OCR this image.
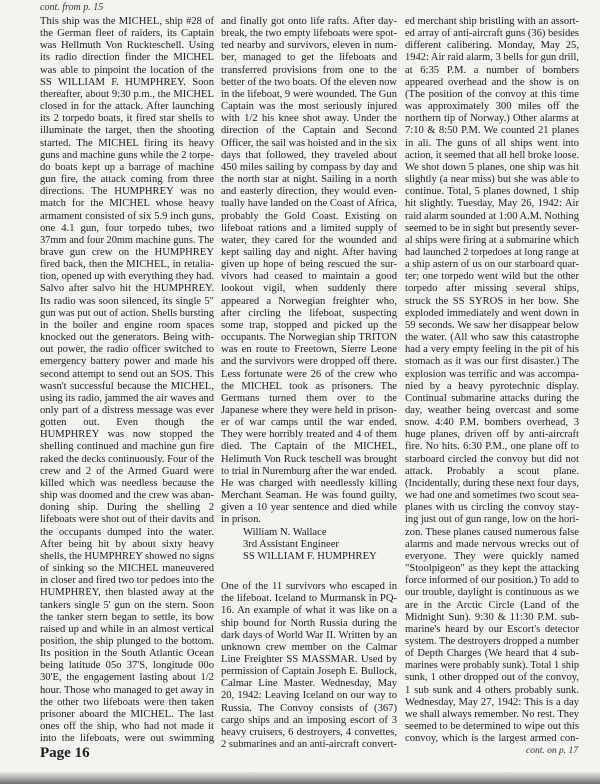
cont. from p. 15
This ship was the MICHEL, ship #28 of
the German fleet of raiders, its Captain
was Hellmuth Von Ruckteschell. Using
its radio direction finder the MICHEL
was able to pinpoint the location of the
SS WILLIAM F. HUMPHREY. Soon
thereafter, about 9:30 p.m., the MICHEL
closed in for the attack. After launching
its 2 torpedo boats, it fired star shells to
illuminate the target, then the shooting
started. The MICHEL firing its heavy
guns and machine guns while the 2 torpe-
do boats kept up a barrage of machine
gun fire, the attack coming from three
directions. The HUMPHREY was no
match for the MICHEL whose heavy
armament consisted of six 5.9 inch guns,
one 4.1 gun, four torpedo tubes, two
37mm and four 20mm machine guns. The
brave gun crew on the HUMPHREY
fired back, then the MICHEL, in retalia-
tion, opened up with everything they had.
Salvo after salvo hit the HUMPHREY.
Its radio was soon silenced, its single 5"
gun was put out of action. Shells bursting
in the boiler and engine room spaces
knocked out the generators. Being with-
out power, the radio officer switched to
emergency battery power and made his
second attempt to send out an SOS. This
wasn't successful because the MICHEL,
using its radio, jammed the air waves and
only part of a distress message was ever
gotten out. Even though the
HUMPHREY was now stopped the
shelling continued and machine gun fire
raked the decks continuously. Four of the
crew and 2 of the Armed Guard were
killed which was needless because the
ship was doomed and the crew was aban-
doning ship. During the shelling 2
lifeboats were shot out of their davits and
the occupants dumped into the water.
After being hit by about sixty heavy
shells, the HUMPHREY showed no signs
of sinking so the MICHEL maneuvered
in closer and fired two tor pedoes into the
HUMPHREY, then blasted away at the
tankers single 5' gun on the stern. Soon
the tanker stern began to settle, its bow
raised up and while in an almost vertical
position, the ship plunged to the bottom.
Its position in the South Atlantic Ocean
being latitude 05o 37'S, longitude 00o
30'E, the engagement lasting about 1/2
hour. Those who managed to get away in
the other two lifeboats were then taken
prisoner aboard the MICHEL. The last
ones off the ship, who had not made it
into the lifeboats, were out swimming
and finally got onto life rafts. After day-
break, the two empty lifeboats were spot-
ted nearby and survivors, eleven in num-
ber, managed to get the lifeboats and
transferred provisions from one to the
better of the two boats. Of the eleven now
in the lifeboat, 9 were wounded. The Gun
Captain was the most seriously injured
with 1/2 his knee shot away. Under the
direction of the Captain and Second
Officer, the sail was hoisted and in the six
days that followed, they traveled about
450 miles sailing by compass by day and
the north star at night. Sailing in a north
and easterly direction, they would even-
tually have landed on the Coast of Africa,
probably the Gold Coast. Existing on
lifeboat rations and a limited supply of
water, they cared for the wounded and
kept sailing day and night. After having
given up hope of being rescued the sur-
vivors had ceased to maintain a good
lookout vigil, when suddenly there
appeared a Norwegian freighter who,
after circling the lifeboat, suspecting
some trap, stopped and picked up the
occupants. The Norwegian ship TRITON
was en route to Freetown, Sierre Leone
and the survivors were dropped off there.
Less fortunate were 26 of the crew who
the MICHEL took as prisoners. The
Germans turned them over to the
Japanese where they were held in prison-
er of war camps until the war ended.
They were horribly treated and 4 of them
died. The Captain of the MICHEL,
Helimuth Von Ruck teschell was brought
to trial in Nuremburg after the war ended.
He was charged with needlessly killing
Merchant Seaman. He was found guilty,
given a 10 year sentence and died while
in prison.
William N. Wallace
3rd Assistant Engineer
SS WILLIAM F. HUMPHREY
One of the 11 survivors who escaped in
the lifeboat. Iceland to Murmansk in PQ-
16. An example of what it was like on a
ship bound for North Russia during the
dark days of World War II. Written by an
unknown crew member on the Calmar
Line Freighter SS MASSMAR. Used by
permission of Captain Joseph E. Bullock,
Calmar Line Master. Wednesday, May
20, 1942: Leaving Iceland on our way to
Russia. The Convoy consists of (367)
cargo ships and an imposing escort of 3
heavy cruisers, 6 destroyers, 4 convettes,
2 submarines and an anti-aircraft convert-
ed merchant ship bristling with an assort-
ed array of anti-aircraft guns (36) besides
different calibering. Monday, May 25,
1942: Air raid alarm, 3 bells for gun drill,
at 6:35 P.M. a number of bombers
appeared overhead and the show is on
(The position of the convoy at this time
was approximately 300 miles off the
northern tip of Norway.) Other alarms at
7:10 & 8:50 P.M. We counted 21 planes
in ali. The guns of all ships went into
action, it seemed that all hell broke loose.
We shot down 5 planes, one ship was hit
slightly (a near miss) but she was able to
continue. Total, 5 planes downed, 1 ship
hit slightly. Tuesday, May 26, 1942: Air
raid alarm sounded at 1:00 A.M. Nothing
seemed to be in sight but presently sever-
al ships were firing at a submarine which
had launched 2 torpedoes at long range at
a ship astern of us on our starboard quar-
ter; one torpedo went wild but the other
torpedo after missing several ships,
struck the SS SYROS in her bow. She
exploded immediately and went down in
59 seconds. We saw her disappear below
the water. (All who saw this catastrophe
had a very empty feeling in the pit of his
stomach as it was our first disaster.) The
explosion was terrific and was accompa-
nied by a heavy pyrotechnic display.
Continual submarine attacks during the
day, weather being overcast and some
snow. 4:40 P.M. bombers overhead, 3
huge planes, driven off by anti-aircraft
fire. No hits. 6:30 P.M., one plane off to
starboard circled the convoy but did not
attack. Probably a scout plane.
(Incidentally, during these next four days,
we had one and sometimes two scout sea-
planes with us circling the convoy stay-
ing just out of gun range, low on the hori-
zon. These planes caused numerous false
alarms and made nervous wrecks out of
everyone. They were quickly named
"Stoolpigeon" as they kept the attacking
force informed of our position.) To add to
our trouble, daylight is continuous as we
are in the Arctic Circle (Land of the
Midnight Sun). 9:30 & 11:30 P.M. sub-
marine's heard by our Escort's detector
system. The destroyers dropped a number
of Depth Charges (We heard that 4 sub-
marines were probably sunk). Total 1 ship
sunk, 1 other dropped out of the convoy,
1 sub sunk and 4 others probably sunk.
Wednesday, May 27, 1942: This is a day
we shall always remember. No rest. They
seemed to be determined to wipe out this
convoy, which is the largest armed con-
Page 16	cont. on p. 17
